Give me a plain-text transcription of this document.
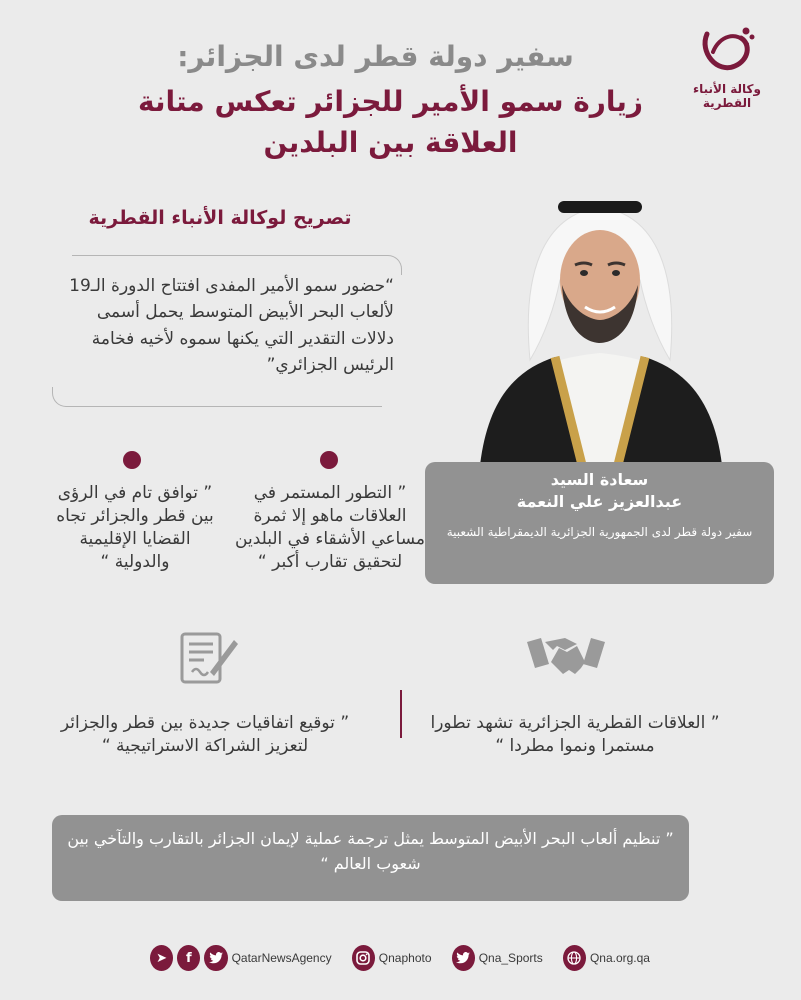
وكالة الأنباء
القطرية
سفير دولة قطر لدى الجزائر:
زيارة سمو الأمير للجزائر تعكس متانة العلاقة بين البلدين
تصريح لوكالة الأنباء القطرية
“حضور سمو الأمير المفدى افتتاح الدورة الـ19 لألعاب البحر الأبيض المتوسط يحمل أسمى دلالات التقدير التي يكنها سموه لأخيه فخامة الرئيس الجزائري”
سعادة السيد
عبدالعزيز علي النعمة
سفير دولة قطر لدى الجمهورية الجزائرية الديمقراطية الشعبية
” التطور المستمر في العلاقات ماهو إلا ثمرة مساعي الأشقاء في البلدين لتحقيق تقارب أكبر “
” توافق تام في الرؤى بين قطر والجزائر تجاه القضايا الإقليمية والدولية “
” العلاقات القطرية الجزائرية تشهد تطورا مستمرا ونموا مطردا “
” توقيع اتفاقيات جديدة بين قطر والجزائر لتعزيز الشراكة الاستراتيجية “
” تنظيم ألعاب البحر الأبيض المتوسط يمثل ترجمة عملية لإيمان الجزائر بالتقارب والتآخي بين شعوب العالم “
➤	f	QatarNewsAgency	Qnaphoto	Qna_Sports	Qna.org.qa
